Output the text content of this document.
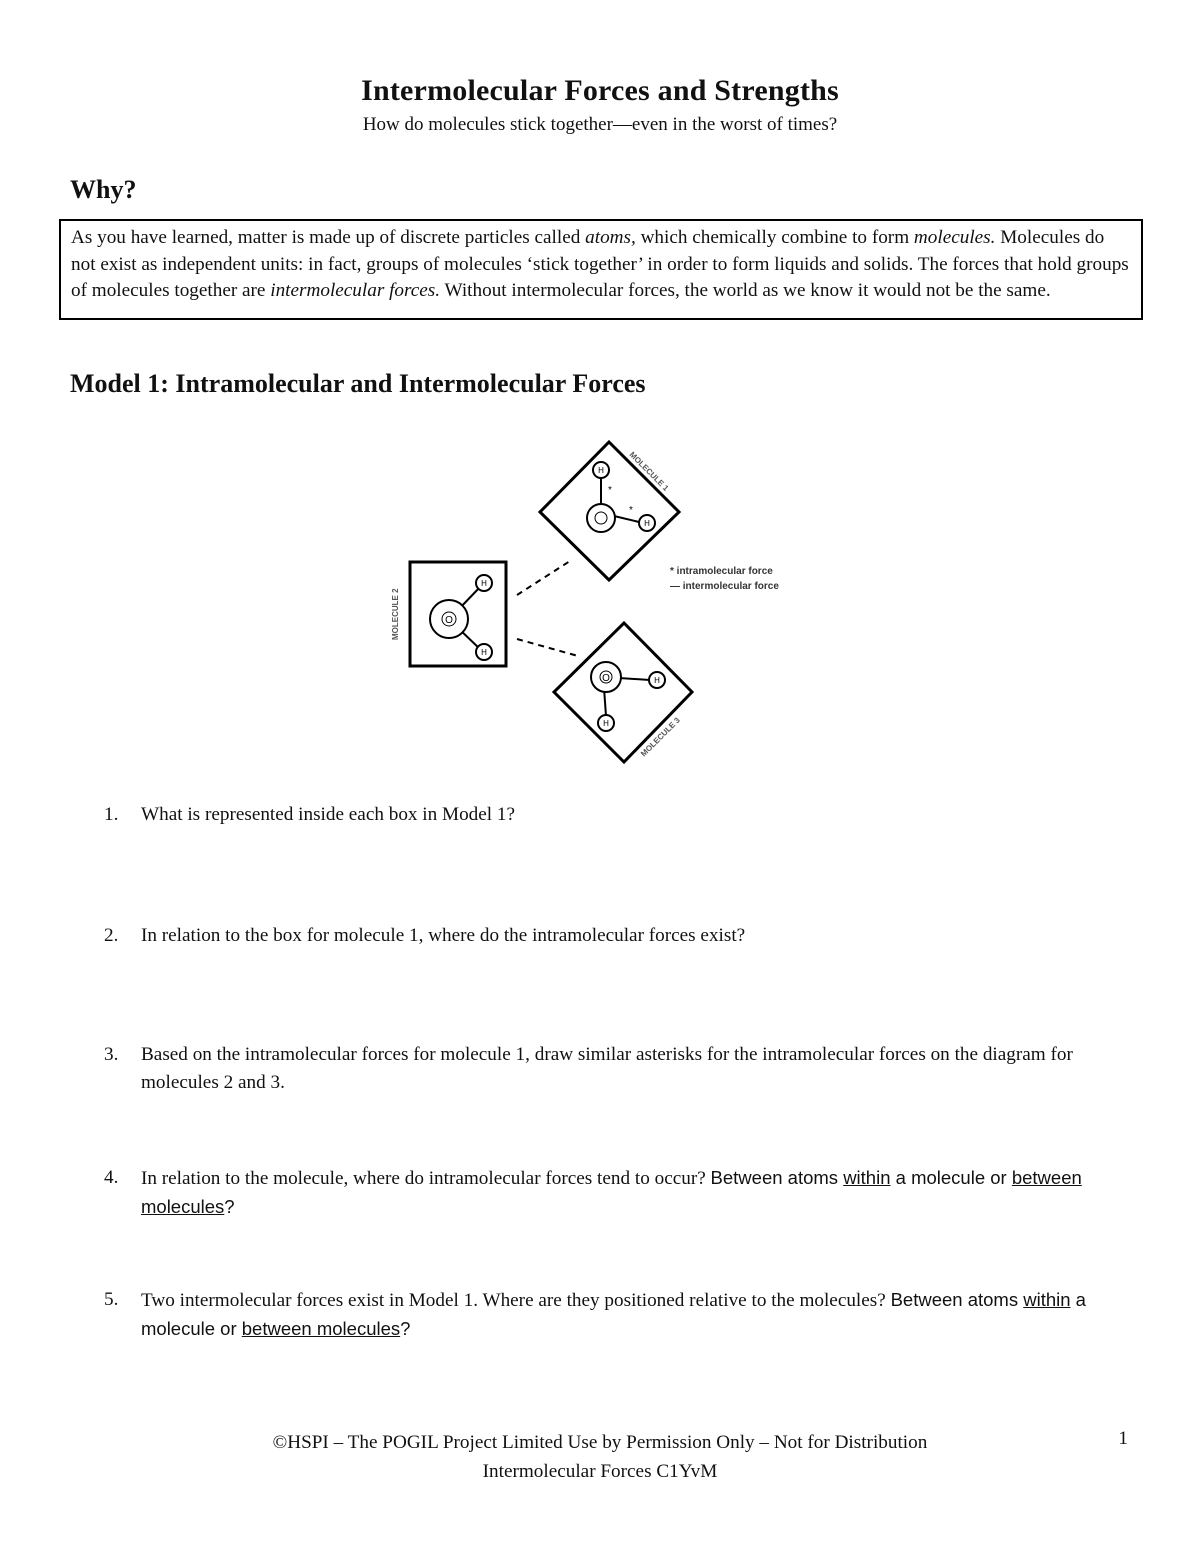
Intermolecular Forces and Strengths
How do molecules stick together—even in the worst of times?
Why?
As you have learned, matter is made up of discrete particles called atoms, which chemically combine to form molecules. Molecules do not exist as independent units: in fact, groups of molecules ‘stick together’ in order to form liquids and solids. The forces that hold groups of molecules together are intermolecular forces. Without intermolecular forces, the world as we know it would not be the same.
Model 1: Intramolecular and Intermolecular Forces
H
H
*
*
MOLECULE 1
O
H
H
MOLECULE 2
O	H
H	MOLECULE 3
* intramolecular force
— intermolecular force
1.	What is represented inside each box in Model 1?
2.	In relation to the box for molecule 1, where do the intramolecular forces exist?
3.	Based on the intramolecular forces for molecule 1, draw similar asterisks for the intramolecular forces on the diagram for molecules 2 and 3.
4.	In relation to the molecule, where do intramolecular forces tend to occur? Between atoms within a molecule or between molecules?
5.	Two intermolecular forces exist in Model 1. Where are they positioned relative to the molecules? Between atoms within a molecule or between molecules?
©HSPI – The POGIL Project Limited Use by Permission Only – Not for Distribution
Intermolecular Forces C1YvM
1
